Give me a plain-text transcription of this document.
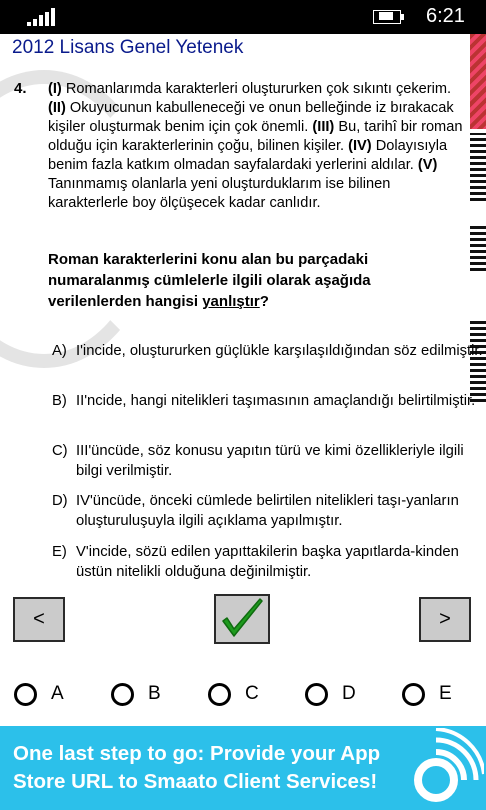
6:21
2012 Lisans Genel Yetenek
4. (I) Romanlarımda karakterleri oluştururken çok sıkıntı çekerim. (II) Okuyucunun kabulleneceği ve onun belleğinde iz bırakacak kişiler oluşturmak benim için çok önemli. (III) Bu, tarihî bir roman olduğu için karakterlerinin çoğu, bilinen kişiler. (IV) Dolayısıyla benim fazla katkım olmadan sayfalardaki yerlerini aldılar. (V) Tanınmamış olanlarla yeni oluşturduklarım ise bilinen karakterlerle boy ölçüşecek kadar canlıdır.
Roman karakterlerini konu alan bu parçadaki numaralanmış cümlelerle ilgili olarak aşağıda verilenlerden hangisi yanlıştır?
A) I'incide, oluştururken güçlükle karşılaşıldığından söz edilmiştir.
B) II'ncide, hangi nitelikleri taşımasının amaçlandığı belirtilmiştir.
C) III'üncüde, söz konusu yapıtın türü ve kimi özellikleriyle ilgili bilgi verilmiştir.
D) IV'üncüde, önceki cümlede belirtilen nitelikleri taşı-yanların oluşturuluşuyla ilgili açıklama yapılmıştır.
E) V'incide, sözü edilen yapıttakilerin başka yapıtlarda-kinden üstün nitelikli olduğuna değinilmiştir.
<	>
A	B	C	D	E
One last step to go: Provide your App Store URL to Smaato Client Services!
